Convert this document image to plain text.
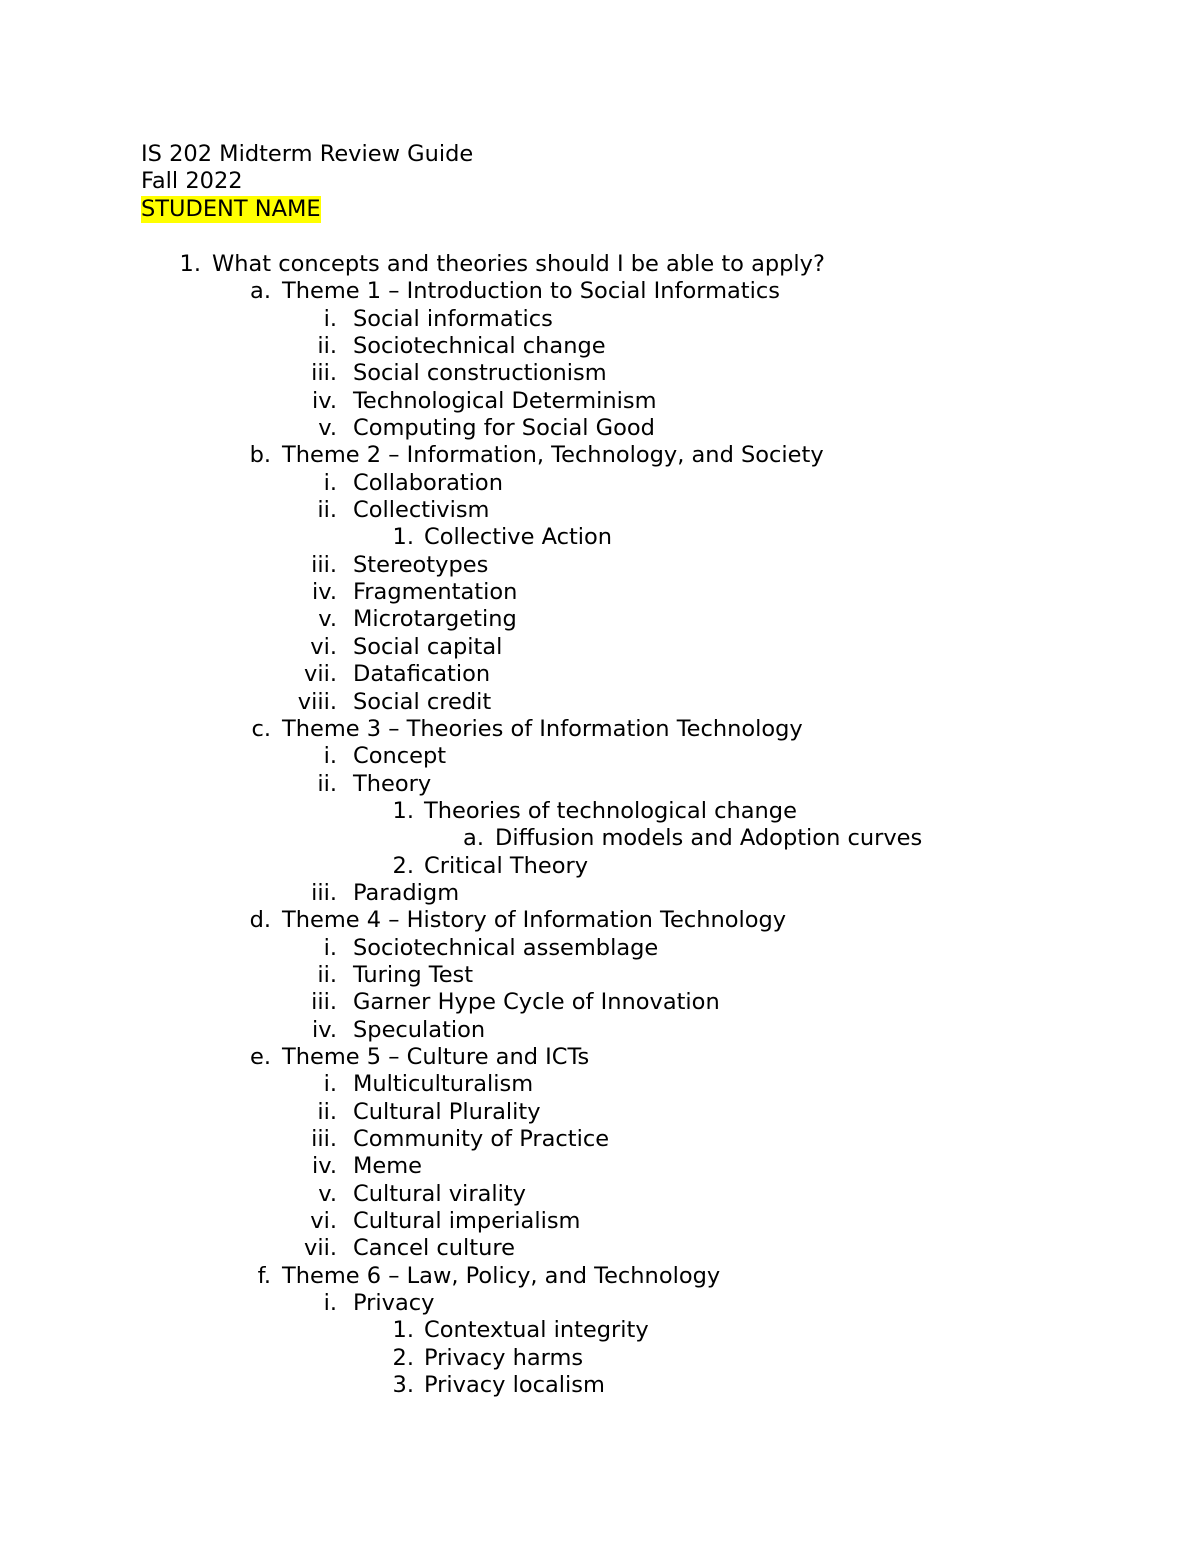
IS 202 Midterm Review Guide
Fall 2022
STUDENT NAME
1. What concepts and theories should I be able to apply?
a. Theme 1 – Introduction to Social Informatics
i. Social informatics
ii. Sociotechnical change
iii. Social constructionism
iv. Technological Determinism
v. Computing for Social Good
b. Theme 2 – Information, Technology, and Society
i. Collaboration
ii. Collectivism
1. Collective Action
iii. Stereotypes
iv. Fragmentation
v. Microtargeting
vi. Social capital
vii. Datafication
viii. Social credit
c. Theme 3 – Theories of Information Technology
i. Concept
ii. Theory
1. Theories of technological change
a. Diffusion models and Adoption curves
2. Critical Theory
iii. Paradigm
d. Theme 4 – History of Information Technology
i. Sociotechnical assemblage
ii. Turing Test
iii. Garner Hype Cycle of Innovation
iv. Speculation
e. Theme 5 – Culture and ICTs
i. Multiculturalism
ii. Cultural Plurality
iii. Community of Practice
iv. Meme
v. Cultural virality
vi. Cultural imperialism
vii. Cancel culture
f. Theme 6 – Law, Policy, and Technology
i. Privacy
1. Contextual integrity
2. Privacy harms
3. Privacy localism
